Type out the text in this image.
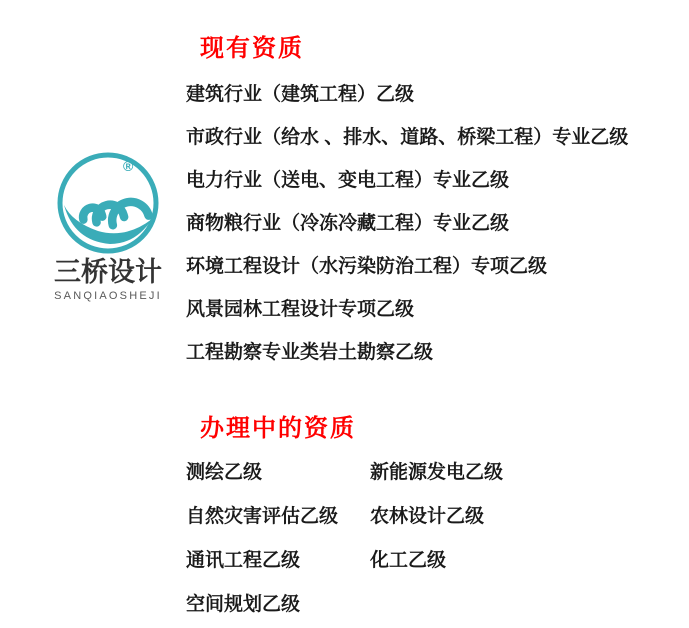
®
三桥设计
SANQIAOSHEJI
现有资质
建筑行业（建筑工程）乙级
市政行业（给水 、排水、道路、桥梁工程）专业乙级
电力行业（送电、变电工程）专业乙级
商物粮行业（冷冻冷藏工程）专业乙级
环境工程设计（水污染防治工程）专项乙级
风景园林工程设计专项乙级
工程勘察专业类岩土勘察乙级
办理中的资质
测绘乙级
自然灾害评估乙级
通讯工程乙级
空间规划乙级
新能源发电乙级
农林设计乙级
化工乙级
